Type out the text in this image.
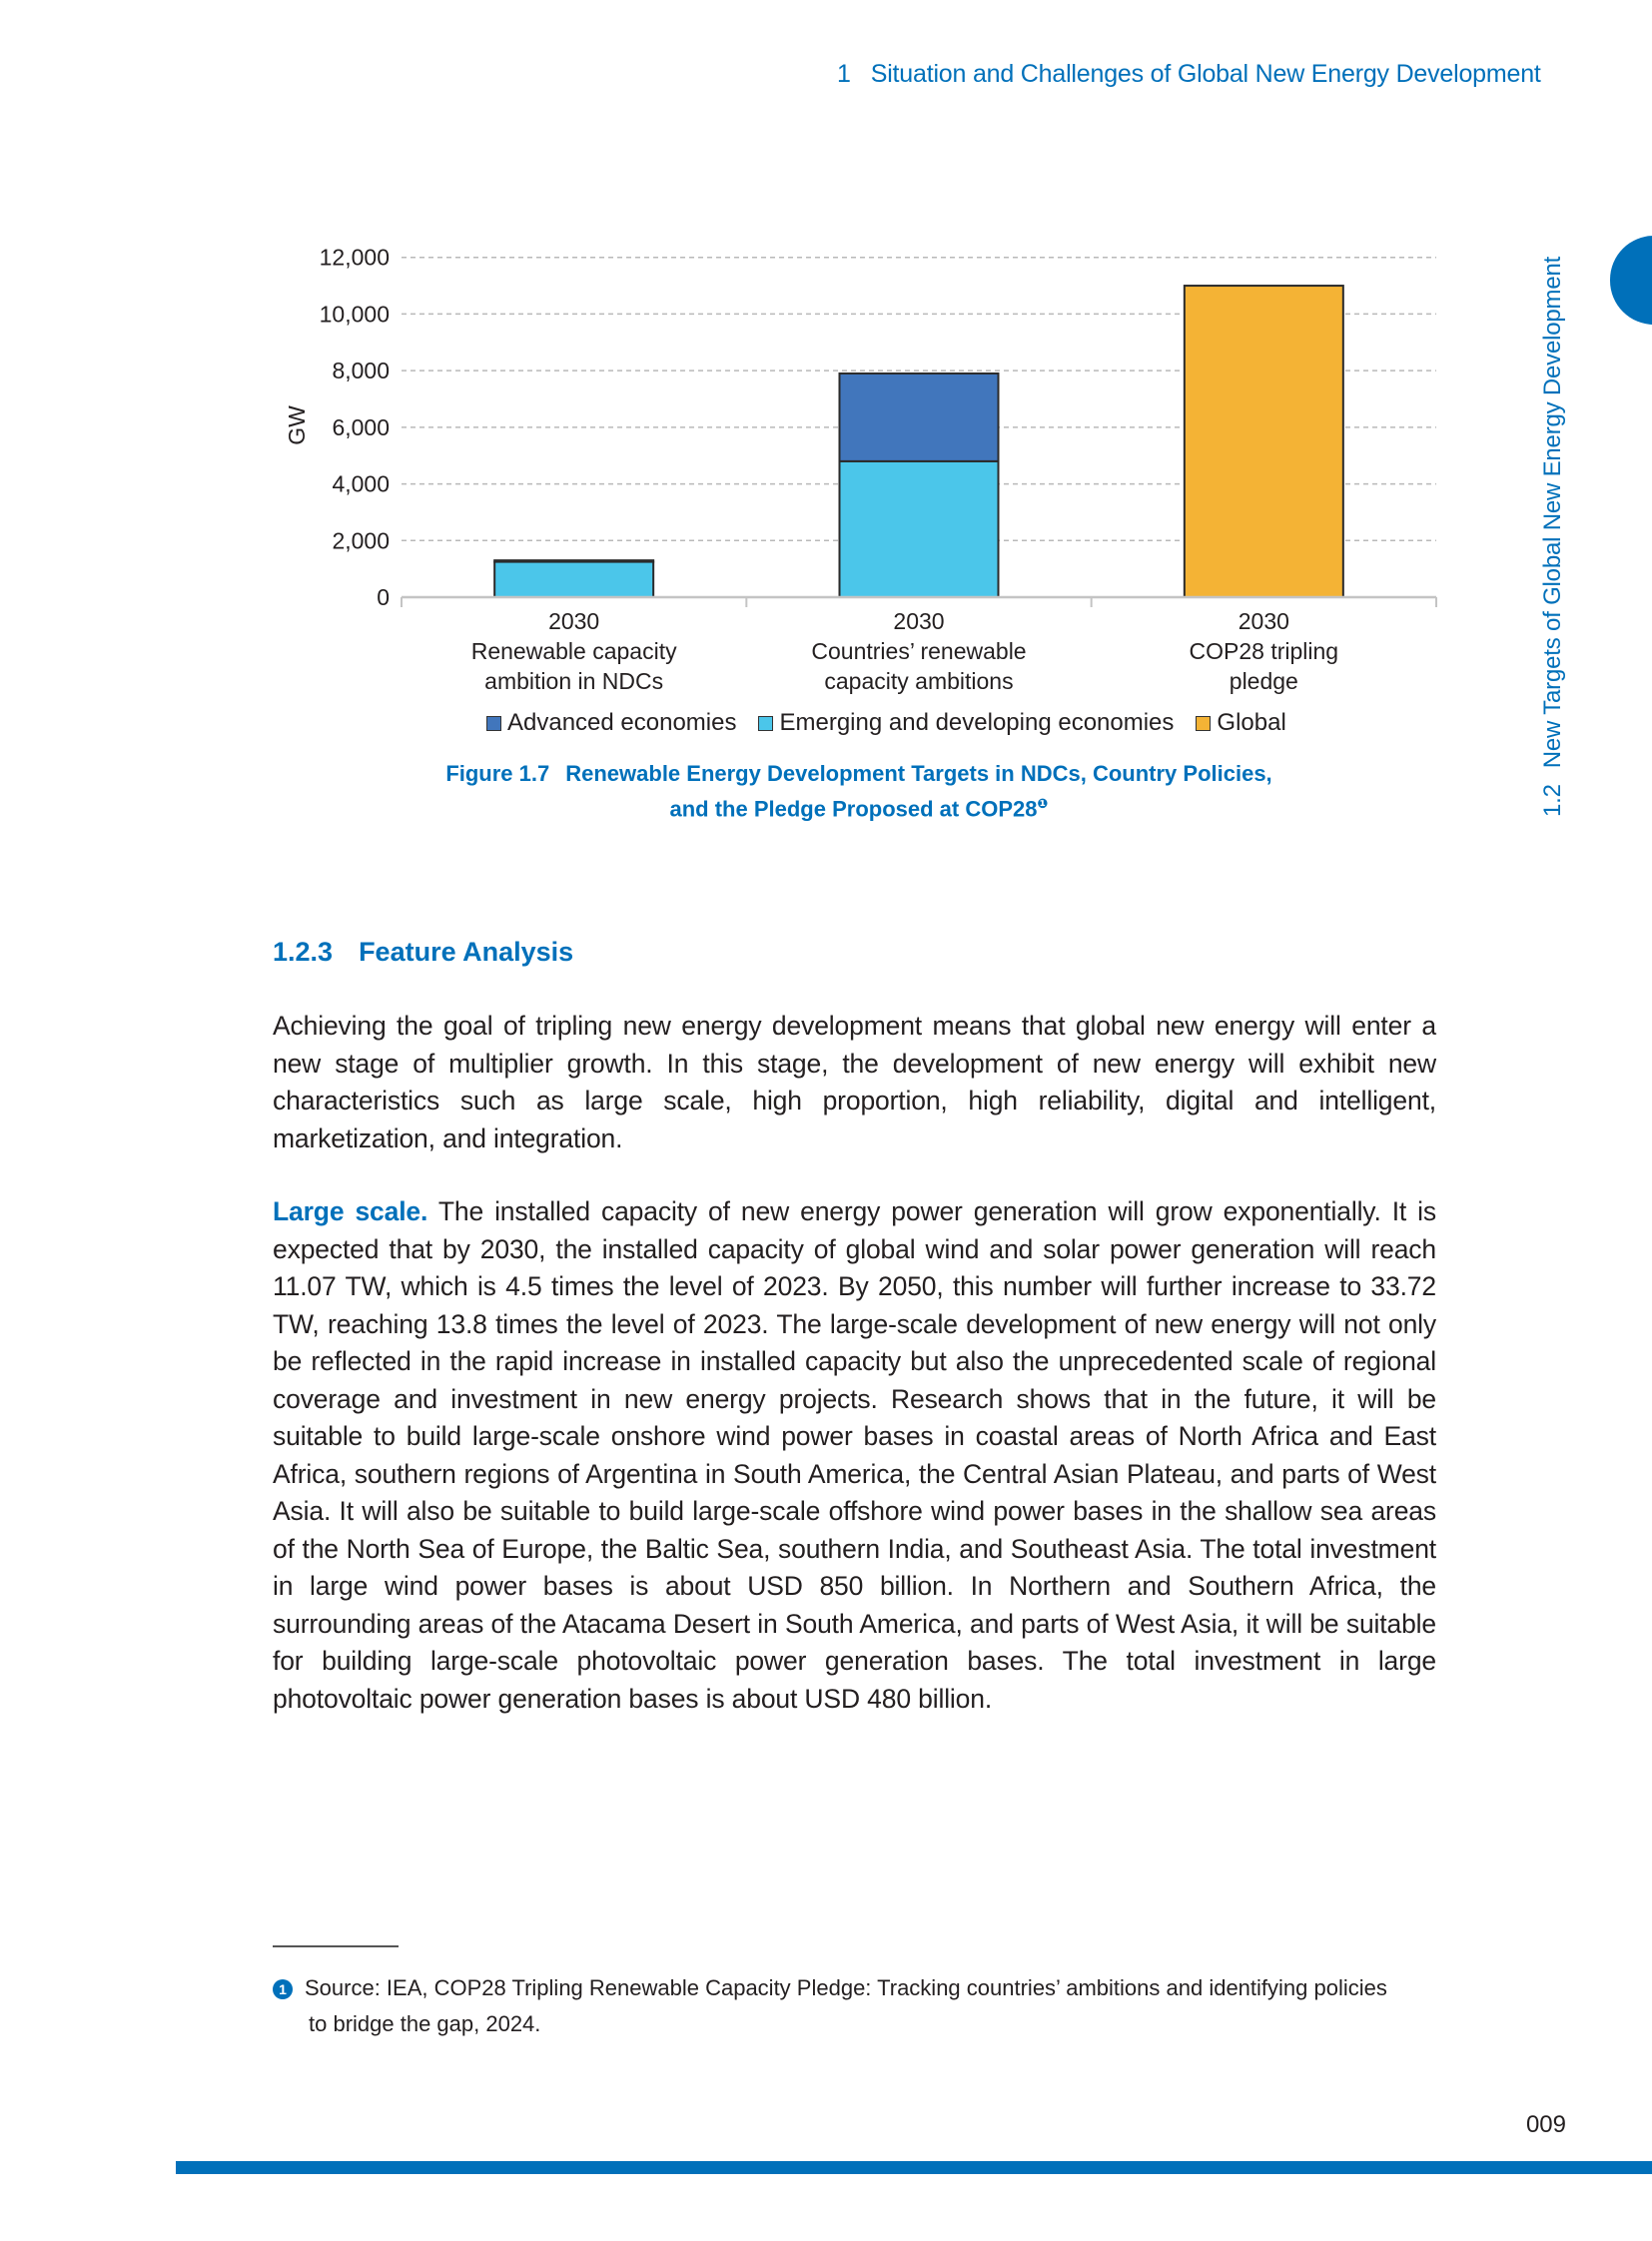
1 Situation and Challenges of Global New Energy Development
1.2New Targets of Global New Energy Development
0
2,000
4,000
6,000
8,000
10,000
12,000
GW
2030
Renewable capacity
ambition in NDCs
2030
Countries’ renewable
capacity ambitions
2030
COP28 tripling
pledge
Advanced economies Emerging and developing economies Global
Figure 1.7 Renewable Energy Development Targets in NDCs, Country Policies,
and the Pledge Proposed at $COP28^❶$
1.2.3 Feature Analysis

Achieving the goal of tripling new energy development means that global new energy will enter a new stage of multiplier growth. In this stage, the development of new energy will exhibit new characteristics such as large scale, high proportion, high reliability, digital and intelligent, marketization, and integration.

Large scale. The installed capacity of new energy power generation will grow exponentially. It is expected that by 2030, the installed capacity of global wind and solar power generation will reach 11.07 TW, which is 4.5 times the level of 2023. By 2050, this number will further increase to 33.72 TW, reaching 13.8 times the level of 2023. The large-scale development of new energy will not only be reflected in the rapid increase in installed capacity but also the unprecedented scale of regional coverage and investment in new energy projects. Research shows that in the future, it will be suitable to build large-scale onshore wind power bases in coastal areas of North Africa and East Africa, southern regions of Argentina in South America, the Central Asian Plateau, and parts of West Asia. It will also be suitable to build large-scale offshore wind power bases in the shallow sea areas of the North Sea of Europe, the Baltic Sea, southern India, and Southeast Asia. The total investment in large wind power bases is about USD 850 billion. In Northern and Southern Africa, the surrounding areas of the Atacama Desert in South America, and parts of West Asia, it will be suitable for building large-scale photovoltaic power generation bases. The total investment in large photovoltaic power generation bases is about USD 480 billion.

1 Source: IEA, COP28 Tripling Renewable Capacity Pledge: Tracking countries’ ambitions and identifying policies
to bridge the gap, 2024.
009
